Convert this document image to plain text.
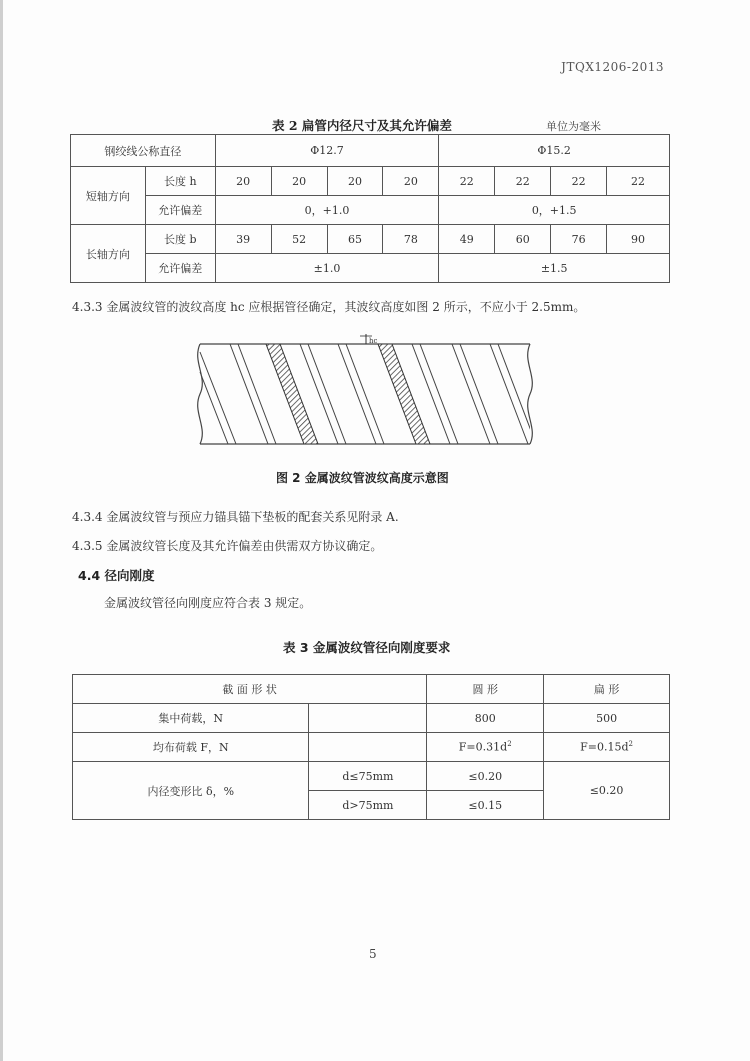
JTQX1206-2013
表 2 扁管内径尺寸及其允许偏差	单位为毫米
钢绞线公称直径		Φ12.7				Φ15.2			
短轴方向	长度 h	20	20	20	20	22	22	22	22
	允许偏差	0，+1.0				0，+1.5			
长轴方向	长度 b	39	52	65	78	49	60	76	90
	允许偏差	±1.0				±1.5			
4.3.3 金属波纹管的波纹高度 hc 应根据管径确定，其波纹高度如图 2 所示，不应小于 2.5mm。
hc
图 2 金属波纹管波纹高度示意图
4.3.4 金属波纹管与预应力锚具锚下垫板的配套关系见附录 A.
4.3.5 金属波纹管长度及其允许偏差由供需双方协议确定。
4.4 径向刚度
金属波纹管径向刚度应符合表 3 规定。
表 3 金属波纹管径向刚度要求
截 面 形 状		圆 形	扁 形
集中荷载，N		800	500
均布荷载 F，N		$F=0.31d^2$	$F=0.15d^2$
内径变形比 δ，%	d≤75mm	≤0.20	≤0.20
	d>75mm	≤0.15	
5
